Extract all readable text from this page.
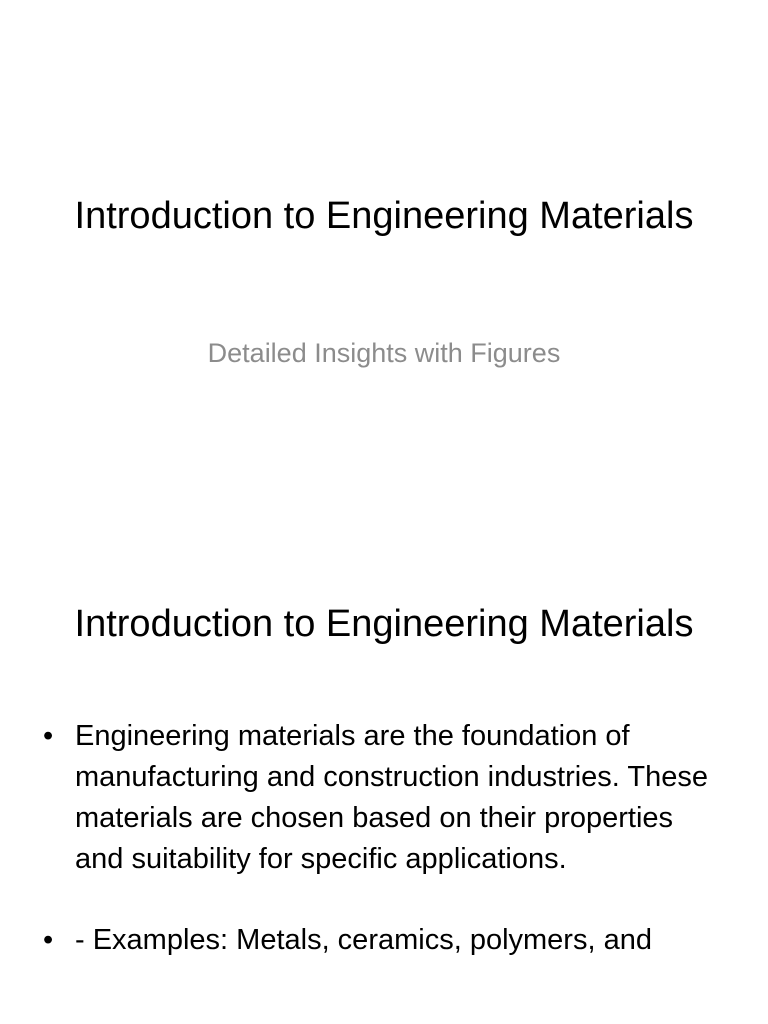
Introduction to Engineering Materials

Detailed Insights with Figures

Introduction to Engineering Materials
• Engineering materials are the foundation of manufacturing and construction industries. These materials are chosen based on their properties and suitability for specific applications.
• - Examples: Metals, ceramics, polymers, and
